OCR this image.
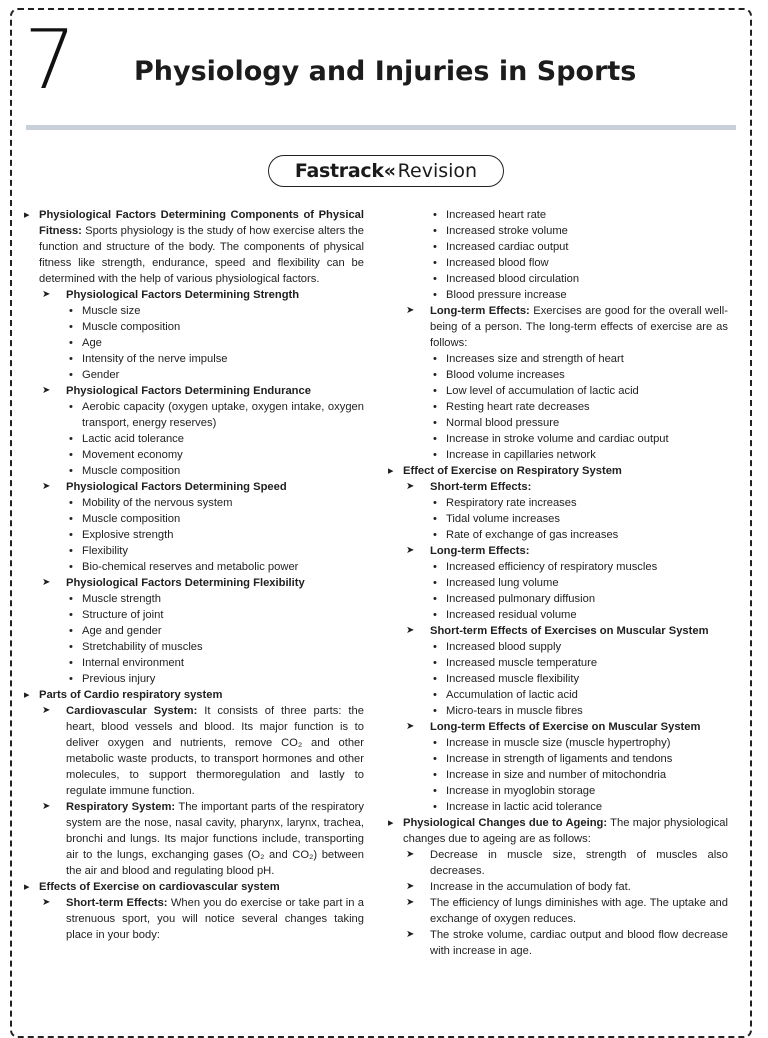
7 Physiology and Injuries in Sports
Fastrack« Revision
▸ Physiological Factors Determining Components of Physical Fitness: Sports physiology is the study of how exercise alters the function and structure of the body. The components of physical fitness like strength, endurance, speed and flexibility can be determined with the help of various physiological factors.
➤ Physiological Factors Determining Strength
• Muscle size
• Muscle composition
• Age
• Intensity of the nerve impulse
• Gender
➤ Physiological Factors Determining Endurance
• Aerobic capacity (oxygen uptake, oxygen intake, oxygen transport, energy reserves)
• Lactic acid tolerance
• Movement economy
• Muscle composition
➤ Physiological Factors Determining Speed
• Mobility of the nervous system
• Muscle composition
• Explosive strength
• Flexibility
• Bio-chemical reserves and metabolic power
➤ Physiological Factors Determining Flexibility
• Muscle strength
• Structure of joint
• Age and gender
• Stretchability of muscles
• Internal environment
• Previous injury
▸ Parts of Cardio respiratory system
➤ Cardiovascular System: It consists of three parts: the heart, blood vessels and blood. Its major function is to deliver oxygen and nutrients, remove CO₂ and other metabolic waste products, to transport hormones and other molecules, to support thermoregulation and lastly to regulate immune function.
➤ Respiratory System: The important parts of the respiratory system are the nose, nasal cavity, pharynx, larynx, trachea, bronchi and lungs. Its major functions include, transporting air to the lungs, exchanging gases (O₂ and CO₂) between the air and blood and regulating blood pH.
▸ Effects of Exercise on cardiovascular system
➤ Short-term Effects: When you do exercise or take part in a strenuous sport, you will notice several changes taking place in your body:
• Increased heart rate
• Increased stroke volume
• Increased cardiac output
• Increased blood flow
• Increased blood circulation
• Blood pressure increase
➤ Long-term Effects: Exercises are good for the overall well-being of a person. The long-term effects of exercise are as follows:
• Increases size and strength of heart
• Blood volume increases
• Low level of accumulation of lactic acid
• Resting heart rate decreases
• Normal blood pressure
• Increase in stroke volume and cardiac output
• Increase in capillaries network
▸ Effect of Exercise on Respiratory System
➤ Short-term Effects:
• Respiratory rate increases
• Tidal volume increases
• Rate of exchange of gas increases
➤ Long-term Effects:
• Increased efficiency of respiratory muscles
• Increased lung volume
• Increased pulmonary diffusion
• Increased residual volume
➤ Short-term Effects of Exercises on Muscular System
• Increased blood supply
• Increased muscle temperature
• Increased muscle flexibility
• Accumulation of lactic acid
• Micro-tears in muscle fibres
➤ Long-term Effects of Exercise on Muscular System
• Increase in muscle size (muscle hypertrophy)
• Increase in strength of ligaments and tendons
• Increase in size and number of mitochondria
• Increase in myoglobin storage
• Increase in lactic acid tolerance
▸ Physiological Changes due to Ageing: The major physiological changes due to ageing are as follows:
➤ Decrease in muscle size, strength of muscles also decreases.
➤ Increase in the accumulation of body fat.
➤ The efficiency of lungs diminishes with age. The uptake and exchange of oxygen reduces.
➤ The stroke volume, cardiac output and blood flow decrease with increase in age.
